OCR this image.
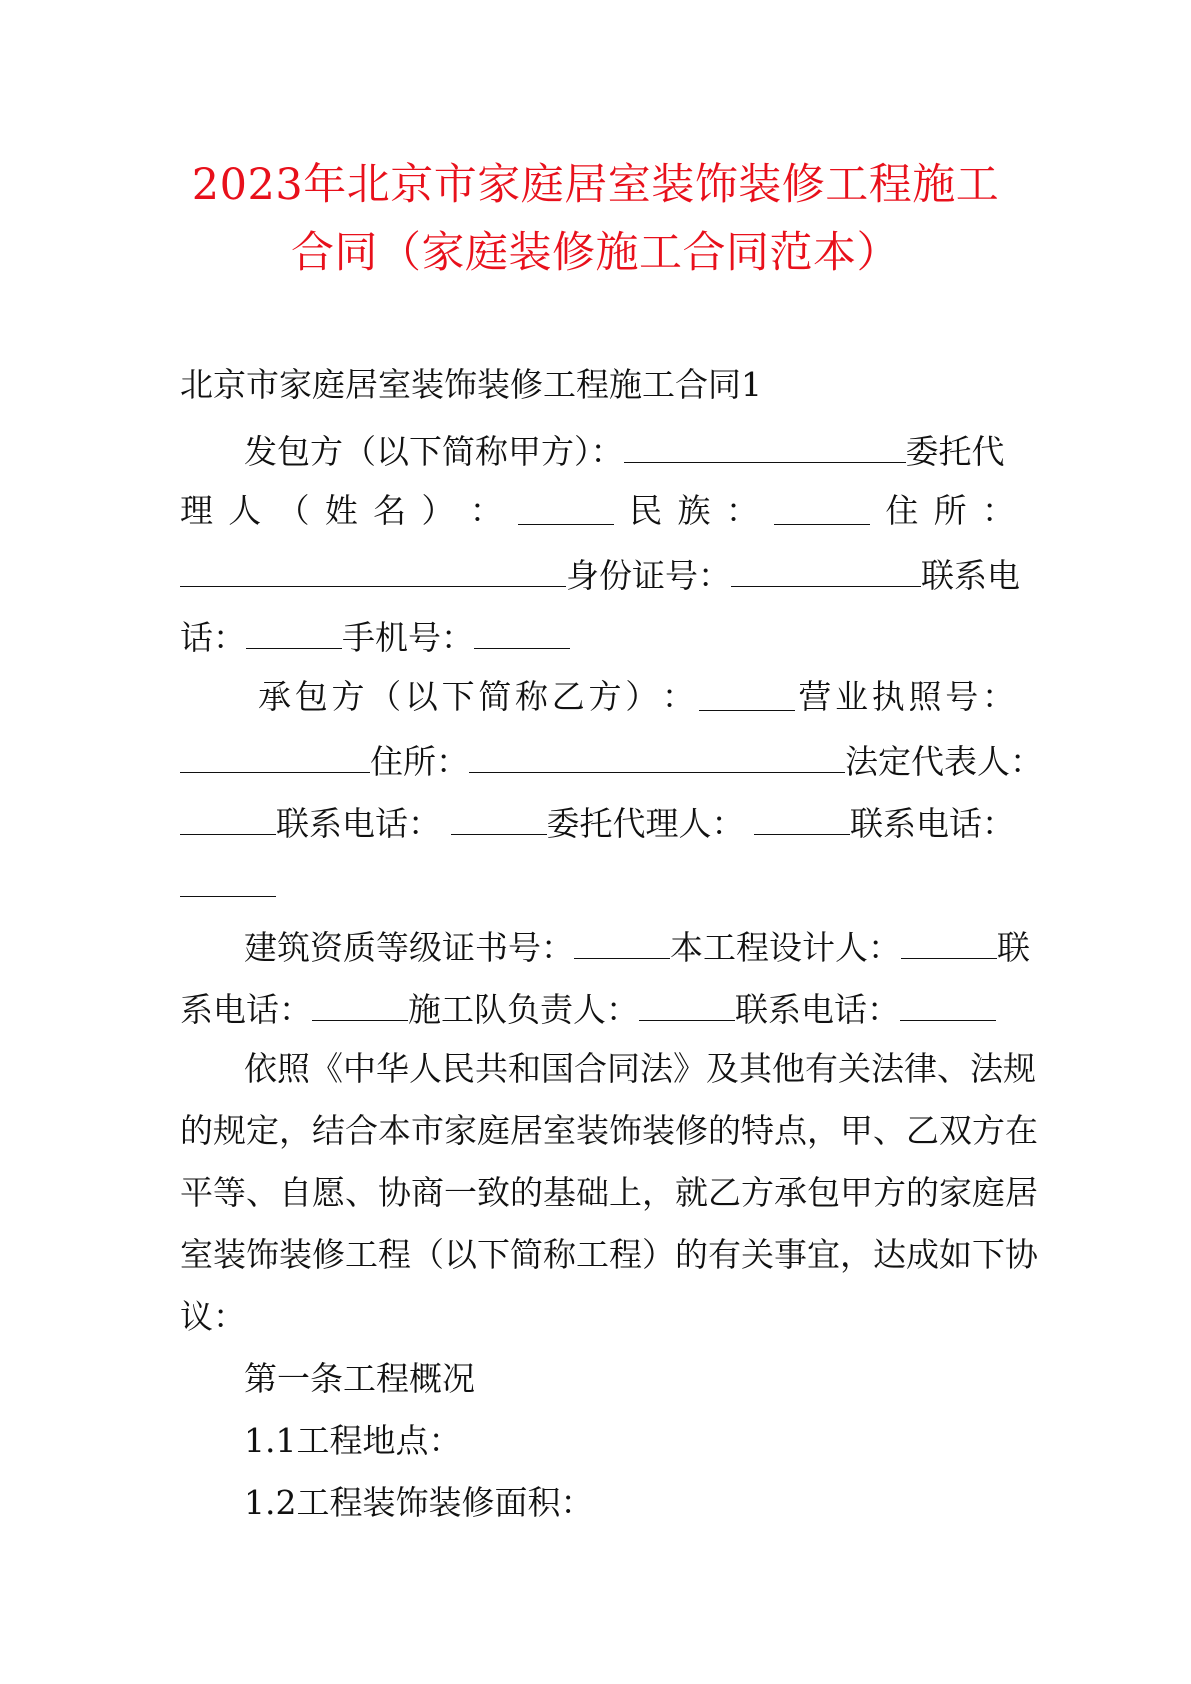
2023年北京市家庭居室装饰装修工程施工
合同（家庭装修施工合同范本）
北京市家庭居室装饰装修工程施工合同1
发包方（以下简称甲方）：	委托代
理 人 （ 姓 名 ） ：	民 族 ：	住 所 ：
身份证号：	联系电
话：	手机号：
承 包 方 （ 以 下 简 称 乙 方 ） ：	营 业 执 照 号 ：
住所：	法定代表人：
联系电话：	委托代理人：	联系电话：
建筑资质等级证书号：	本工程设计人：	联
系电话：	施工队负责人：	联系电话：
依照《中华人民共和国合同法》及其他有关法律、法规
的规定，结合本市家庭居室装饰装修的特点，甲、乙双方在
平等、自愿、协商一致的基础上，就乙方承包甲方的家庭居
室装饰装修工程（以下简称工程）的有关事宜，达成如下协
议：
第一条工程概况
1.1工程地点：
1.2工程装饰装修面积：
